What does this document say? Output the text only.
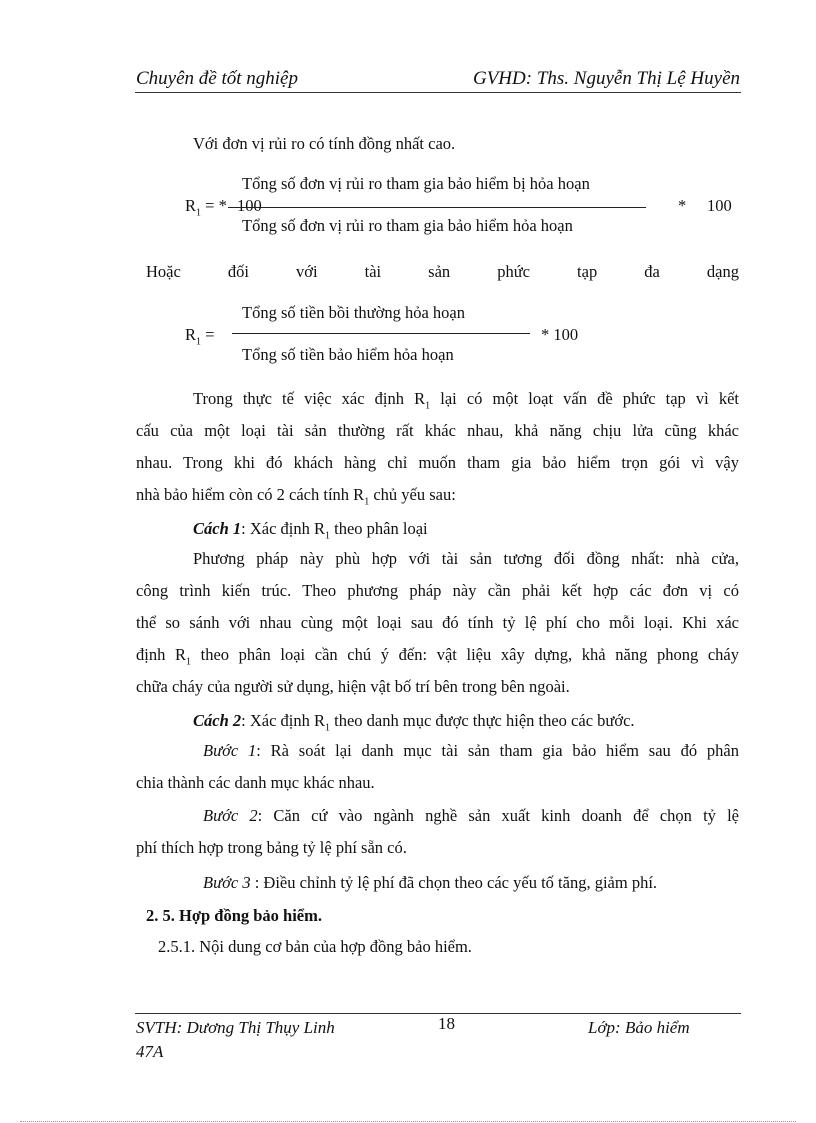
Chuyên đề tốt nghiệp	GVHD: Ths. Nguyễn Thị Lệ Huyền
Với đơn vị rủi ro có tính đồng nhất cao.
Tổng số đơn vị rủi ro tham gia bảo hiểm bị hỏa hoạn
$R_1$ = * 100	* 100
Tổng số đơn vị rủi ro tham gia bảo hiểm hỏa hoạn
Hoặc	đối	với	tài	sản	phức	tạp	đa	dạng
Tổng số tiền bồi thường hỏa hoạn
$R_1$ =	* 100
Tổng số tiền bảo hiểm hỏa hoạn
Trong thực tế việc xác định $R_1$ lại có một loạt vấn đề phức tạp vì kết
cấu của một loại tài sản thường rất khác nhau, khả năng chịu lửa cũng khác
nhau. Trong khi đó khách hàng chỉ muốn tham gia bảo hiểm trọn gói vì vậy
nhà bảo hiểm còn có 2 cách tính $R_1$ chủ yếu sau:
Cách 1: Xác định $R_1$ theo phân loại
Phương pháp này phù hợp với tài sản tương đối đồng nhất: nhà cửa,
công trình kiến trúc. Theo phương pháp này cần phải kết hợp các đơn vị có
thể so sánh với nhau cùng một loại sau đó tính tỷ lệ phí cho mỗi loại. Khi xác
định $R_1$ theo phân loại cần chú ý đến: vật liệu xây dựng, khả năng phong cháy
chữa cháy của người sử dụng, hiện vật bố trí bên trong bên ngoài.
Cách 2: Xác định $R_1$ theo danh mục được thực hiện theo các bước.
Bước 1: Rà soát lại danh mục tài sản tham gia bảo hiểm sau đó phân
chia thành các danh mục khác nhau.
Bước 2: Căn cứ vào ngành nghề sản xuất kinh doanh để chọn tỷ lệ
phí thích hợp trong bảng tỷ lệ phí sẵn có.
Bước 3 : Điều chỉnh tỷ lệ phí đã chọn theo các yếu tố tăng, giảm phí.
2. 5. Hợp đồng bảo hiểm.
2.5.1. Nội dung cơ bản của hợp đồng bảo hiểm.
SVTH: Dương Thị Thụy Linh	18	Lớp: Bảo hiểm
47A
